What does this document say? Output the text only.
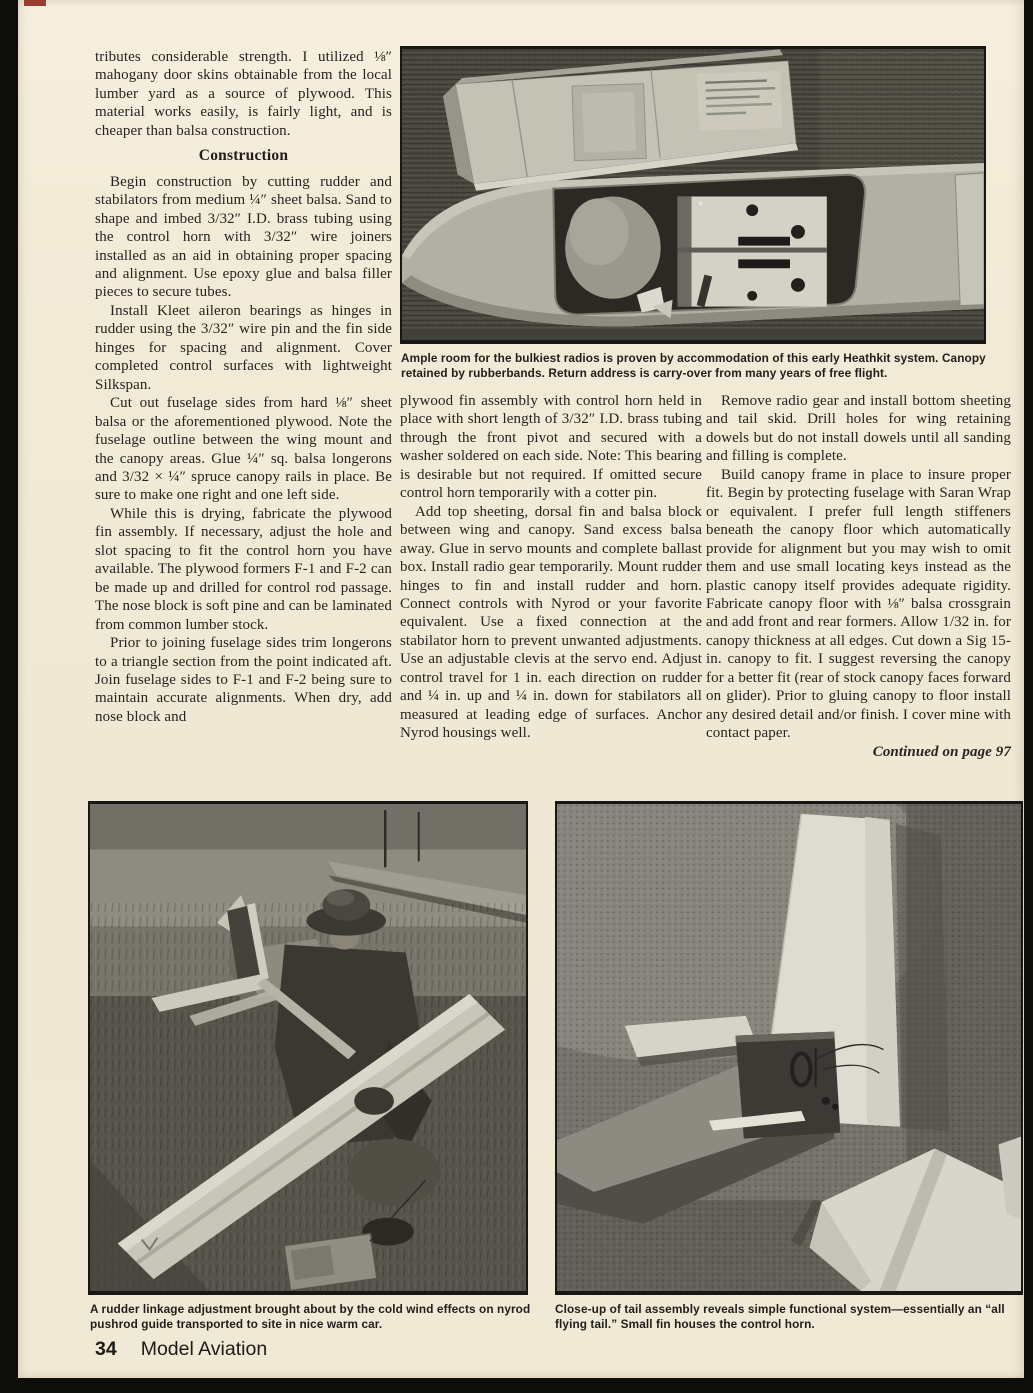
tributes considerable strength. I utilized ⅛″ mahogany door skins obtainable from the local lumber yard as a source of plywood. This material works easily, is fairly light, and is cheaper than balsa construction.

Construction

Begin construction by cutting rudder and stabilators from medium ¼″ sheet balsa. Sand to shape and imbed 3/32″ I.D. brass tubing using the control horn with 3/32″ wire joiners installed as an aid in obtaining proper spacing and alignment. Use epoxy glue and balsa filler pieces to secure tubes.

Install Kleet aileron bearings as hinges in rudder using the 3/32″ wire pin and the fin side hinges for spacing and alignment. Cover completed control surfaces with lightweight Silkspan.

Cut out fuselage sides from hard ⅛″ sheet balsa or the aforementioned plywood. Note the fuselage outline between the wing mount and the canopy areas. Glue ¼″ sq. balsa longerons and 3/32 × ¼″ spruce canopy rails in place. Be sure to make one right and one left side.

While this is drying, fabricate the plywood fin assembly. If necessary, adjust the hole and slot spacing to fit the control horn you have available. The plywood formers F-1 and F-2 can be made up and drilled for control rod passage. The nose block is soft pine and can be laminated from common lumber stock.

Prior to joining fuselage sides trim longerons to a triangle section from the point indicated aft. Join fuselage sides to F-1 and F-2 being sure to maintain accurate alignments. When dry, add nose block and

Ample room for the bulkiest radios is proven by accommodation of this early Heathkit system. Canopy retained by rubberbands. Return address is carry-over from many years of free flight.

plywood fin assembly with control horn held in place with short length of 3/32″ I.D. brass tubing through the front pivot and secured with a washer soldered on each side. Note: This bearing is desirable but not required. If omitted secure control horn temporarily with a cotter pin.

Add top sheeting, dorsal fin and balsa block between wing and canopy. Sand excess balsa away. Glue in servo mounts and complete ballast box. Install radio gear temporarily. Mount rudder hinges to fin and install rudder and horn. Connect controls with Nyrod or your favorite equivalent. Use a fixed connection at the stabilator horn to prevent unwanted adjustments. Use an adjustable clevis at the servo end. Adjust control travel for 1 in. each direction on rudder and ¼ in. up and ¼ in. down for stabilators all measured at leading edge of surfaces. Anchor Nyrod housings well.

Remove radio gear and install bottom sheeting and tail skid. Drill holes for wing retaining dowels but do not install dowels until all sanding and filling is complete.

Build canopy frame in place to insure proper fit. Begin by protecting fuselage with Saran Wrap or equivalent. I prefer full length stiffeners beneath the canopy floor which automatically provide for alignment but you may wish to omit them and use small locating keys instead as the plastic canopy itself provides adequate rigidity. Fabricate canopy floor with ⅛″ balsa crossgrain and add front and rear formers. Allow 1/32 in. for canopy thickness at all edges. Cut down a Sig 15-in. canopy to fit. I suggest reversing the canopy for a better fit (rear of stock canopy faces forward on glider). Prior to gluing canopy to floor install any desired detail and/or finish. I cover mine with contact paper.

Continued on page 97
A rudder linkage adjustment brought about by the cold wind effects on nyrod pushrod guide transported to site in nice warm car.
Close-up of tail assembly reveals simple functional system—essentially an “all flying tail.” Small fin houses the control horn.
34 Model Aviation
